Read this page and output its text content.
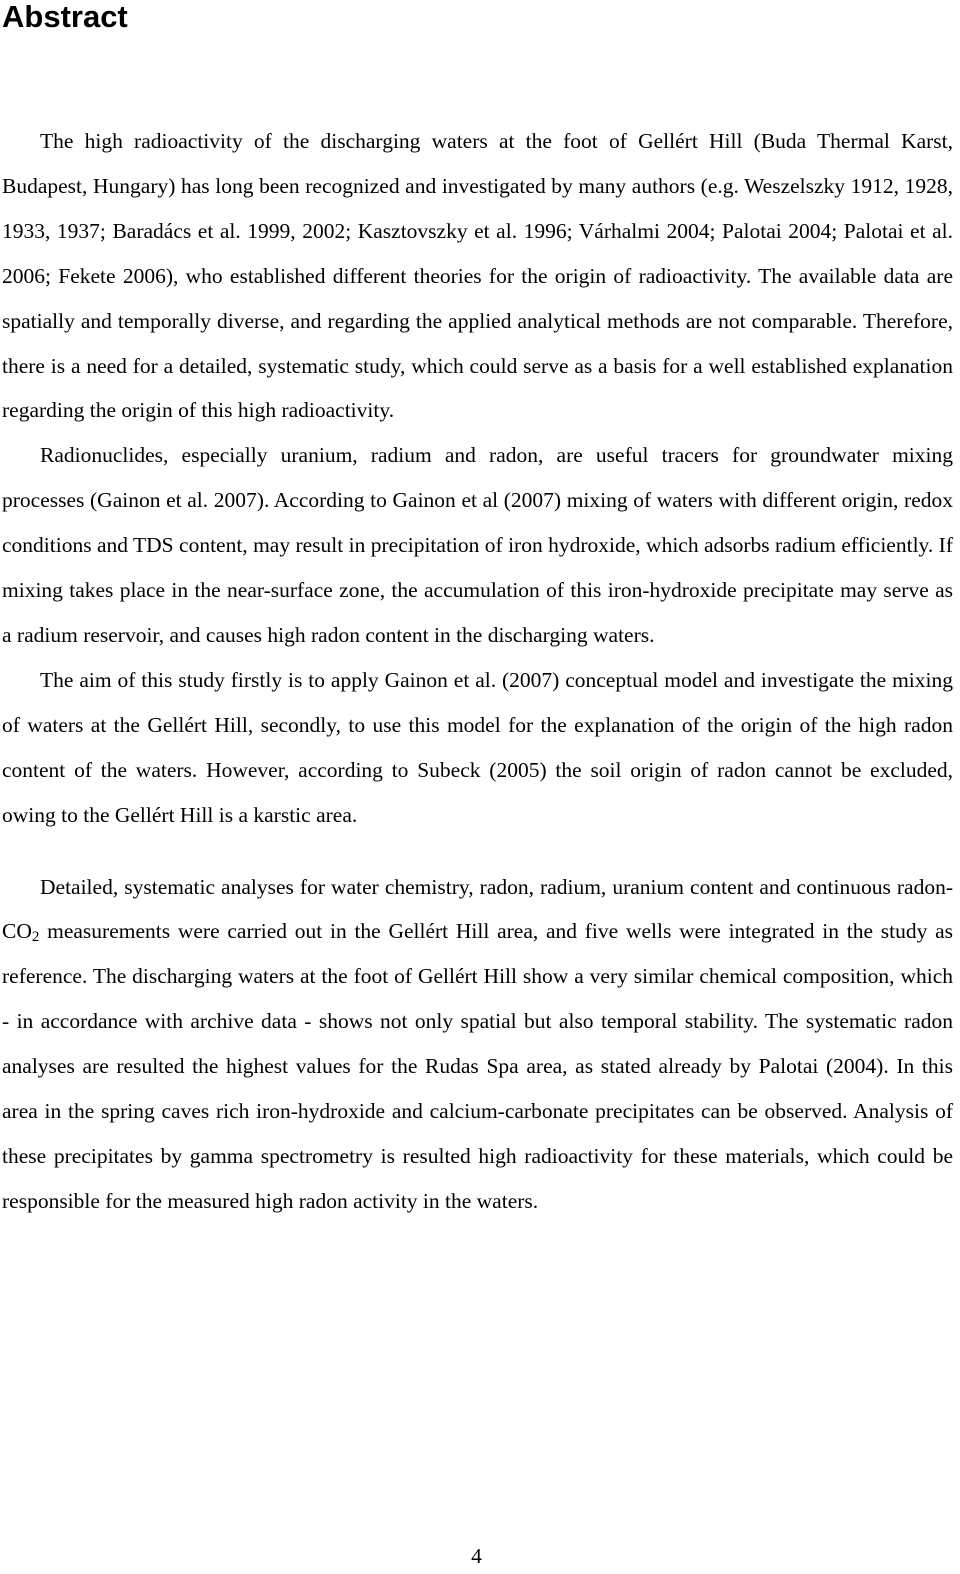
Abstract

The high radioactivity of the discharging waters at the foot of Gellért Hill (Buda Thermal Karst, Budapest, Hungary) has long been recognized and investigated by many authors (e.g. Weszelszky 1912, 1928, 1933, 1937; Baradács et al. 1999, 2002; Kasztovszky et al. 1996; Várhalmi 2004; Palotai 2004; Palotai et al. 2006; Fekete 2006), who established different theories for the origin of radioactivity. The available data are spatially and temporally diverse, and regarding the applied analytical methods are not comparable. Therefore, there is a need for a detailed, systematic study, which could serve as a basis for a well established explanation regarding the origin of this high radioactivity.

Radionuclides, especially uranium, radium and radon, are useful tracers for groundwater mixing processes (Gainon et al. 2007). According to Gainon et al (2007) mixing of waters with different origin, redox conditions and TDS content, may result in precipitation of iron hydroxide, which adsorbs radium efficiently. If mixing takes place in the near-surface zone, the accumulation of this iron-hydroxide precipitate may serve as a radium reservoir, and causes high radon content in the discharging waters.

The aim of this study firstly is to apply Gainon et al. (2007) conceptual model and investigate the mixing of waters at the Gellért Hill, secondly, to use this model for the explanation of the origin of the high radon content of the waters. However, according to Subeck (2005) the soil origin of radon cannot be excluded, owing to the Gellért Hill is a karstic area.

Detailed, systematic analyses for water chemistry, radon, radium, uranium content and continuous radon-$CO_2$ measurements were carried out in the Gellért Hill area, and five wells were integrated in the study as reference. The discharging waters at the foot of Gellért Hill show a very similar chemical composition, which - in accordance with archive data - shows not only spatial but also temporal stability. The systematic radon analyses are resulted the highest values for the Rudas Spa area, as stated already by Palotai (2004). In this area in the spring caves rich iron-hydroxide and calcium-carbonate precipitates can be observed. Analysis of these precipitates by gamma spectrometry is resulted high radioactivity for these materials, which could be responsible for the measured high radon activity in the waters.

4
